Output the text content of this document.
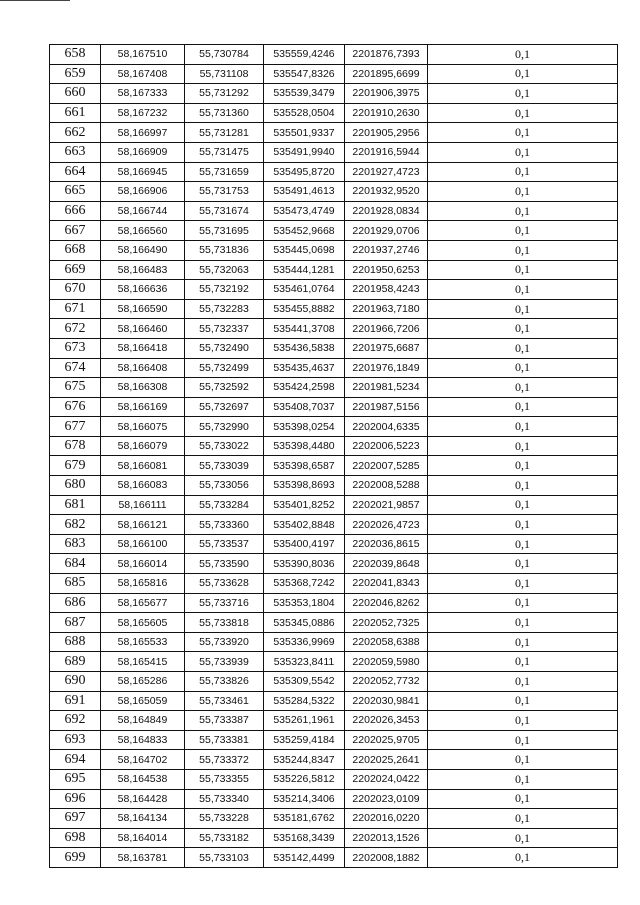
658	58,167510	55,730784	535559,4246	2201876,7393	0,1
659	58,167408	55,731108	535547,8326	2201895,6699	0,1
660	58,167333	55,731292	535539,3479	2201906,3975	0,1
661	58,167232	55,731360	535528,0504	2201910,2630	0,1
662	58,166997	55,731281	535501,9337	2201905,2956	0,1
663	58,166909	55,731475	535491,9940	2201916,5944	0,1
664	58,166945	55,731659	535495,8720	2201927,4723	0,1
665	58,166906	55,731753	535491,4613	2201932,9520	0,1
666	58,166744	55,731674	535473,4749	2201928,0834	0,1
667	58,166560	55,731695	535452,9668	2201929,0706	0,1
668	58,166490	55,731836	535445,0698	2201937,2746	0,1
669	58,166483	55,732063	535444,1281	2201950,6253	0,1
670	58,166636	55,732192	535461,0764	2201958,4243	0,1
671	58,166590	55,732283	535455,8882	2201963,7180	0,1
672	58,166460	55,732337	535441,3708	2201966,7206	0,1
673	58,166418	55,732490	535436,5838	2201975,6687	0,1
674	58,166408	55,732499	535435,4637	2201976,1849	0,1
675	58,166308	55,732592	535424,2598	2201981,5234	0,1
676	58,166169	55,732697	535408,7037	2201987,5156	0,1
677	58,166075	55,732990	535398,0254	2202004,6335	0,1
678	58,166079	55,733022	535398,4480	2202006,5223	0,1
679	58,166081	55,733039	535398,6587	2202007,5285	0,1
680	58,166083	55,733056	535398,8693	2202008,5288	0,1
681	58,166111	55,733284	535401,8252	2202021,9857	0,1
682	58,166121	55,733360	535402,8848	2202026,4723	0,1
683	58,166100	55,733537	535400,4197	2202036,8615	0,1
684	58,166014	55,733590	535390,8036	2202039,8648	0,1
685	58,165816	55,733628	535368,7242	2202041,8343	0,1
686	58,165677	55,733716	535353,1804	2202046,8262	0,1
687	58,165605	55,733818	535345,0886	2202052,7325	0,1
688	58,165533	55,733920	535336,9969	2202058,6388	0,1
689	58,165415	55,733939	535323,8411	2202059,5980	0,1
690	58,165286	55,733826	535309,5542	2202052,7732	0,1
691	58,165059	55,733461	535284,5322	2202030,9841	0,1
692	58,164849	55,733387	535261,1961	2202026,3453	0,1
693	58,164833	55,733381	535259,4184	2202025,9705	0,1
694	58,164702	55,733372	535244,8347	2202025,2641	0,1
695	58,164538	55,733355	535226,5812	2202024,0422	0,1
696	58,164428	55,733340	535214,3406	2202023,0109	0,1
697	58,164134	55,733228	535181,6762	2202016,0220	0,1
698	58,164014	55,733182	535168,3439	2202013,1526	0,1
699	58,163781	55,733103	535142,4499	2202008,1882	0,1
